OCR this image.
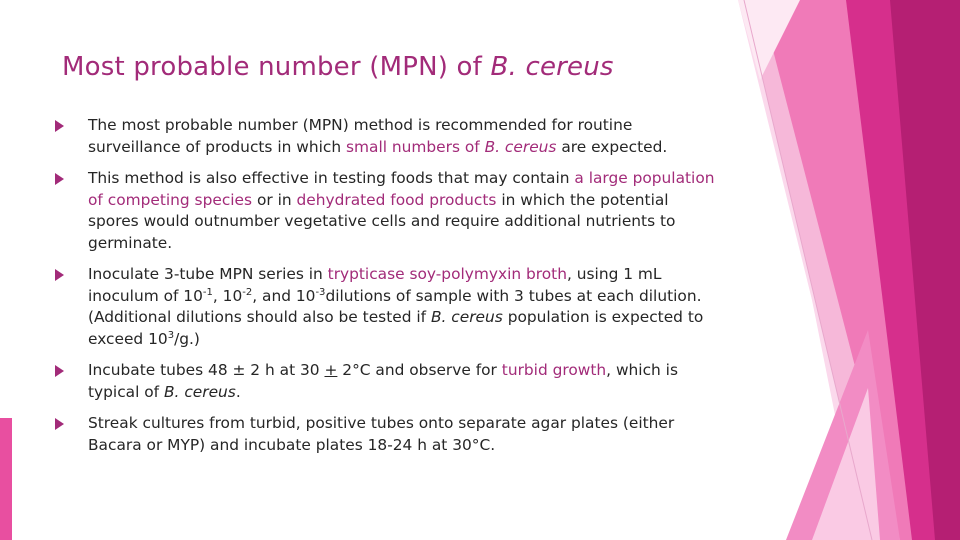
Most probable number (MPN) of B. cereus
The most probable number (MPN) method is recommended for routine surveillance of products in which small numbers of B. cereus are expected.
This method is also effective in testing foods that may contain a large population of competing species or in dehydrated food products in which the potential spores would outnumber vegetative cells and require additional nutrients to germinate.
Inoculate 3-tube MPN series in trypticase soy-polymyxin broth, using 1 mL inoculum of $10^{-1}$, $10^{-2}$, and $10^{-3}dilutions$ of sample with 3 tubes at each dilution. (Additional dilutions should also be tested if B. cereus population is expected to exceed $10^3/g$.)
Incubate tubes 48 ± 2 h at 30 + 2°C and observe for turbid growth, which is typical of B. cereus.
Streak cultures from turbid, positive tubes onto separate agar plates (either Bacara or MYP) and incubate plates 18-24 h at 30°C.
